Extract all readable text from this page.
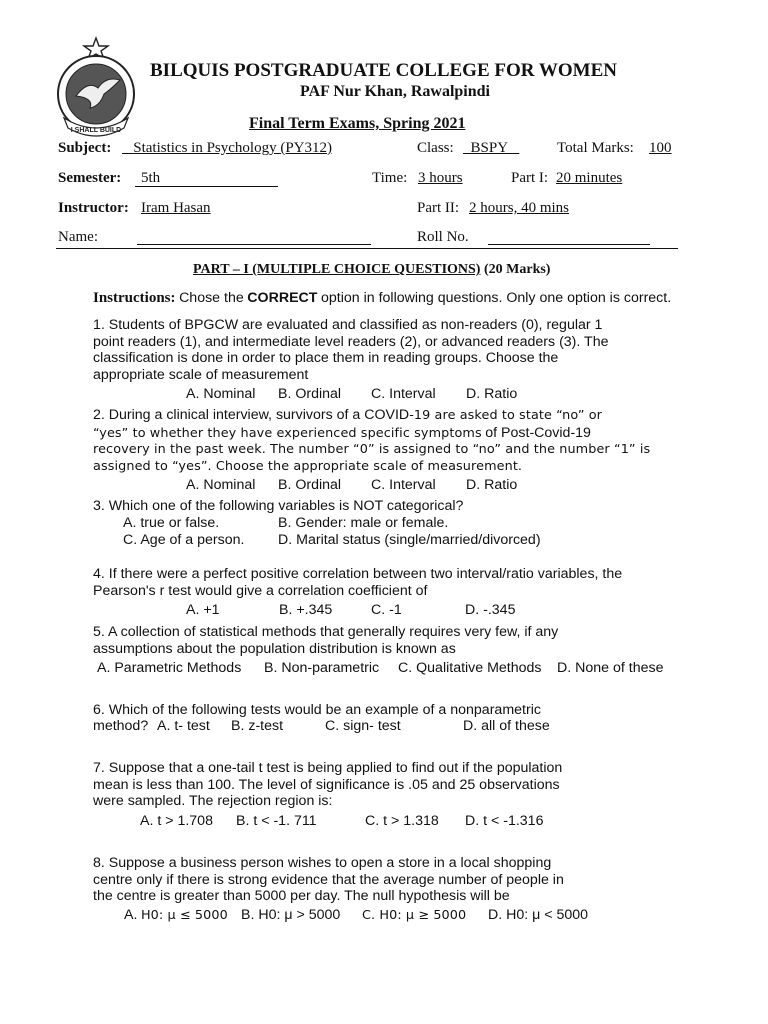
I SHALL BUILD
BILQUIS POSTGRADUATE COLLEGE FOR WOMEN
PAF Nur Khan, Rawalpindi
Final Term Exams, Spring 2021
Subject:	Statistics in Psychology (PY312)	Class:	BSPY	Total Marks: 100
Semester: 5th	Time: 3 hours	Part I: 20 minutes
Instructor: Iram Hasan	Part II: 2 hours, 40 mins
Name:	Roll No.
PART – I (MULTIPLE CHOICE QUESTIONS) (20 Marks)
Instructions: Chose the CORRECT option in following questions. Only one option is correct.
1. Students of BPGCW are evaluated and classified as non-readers (0), regular 1
point readers (1), and intermediate level readers (2), or advanced readers (3). The
classification is done in order to place them in reading groups. Choose the
appropriate scale of measurement
A. Nominal B. Ordinal C. Interval D. Ratio
2. During a clinical interview, survivors of a COVID-19 are asked to state “no” or
“yes” to whether they have experienced specific symptoms of Post-Covid-19
recovery in the past week. The number “0” is assigned to “no” and the number “1” is
assigned to “yes”. Choose the appropriate scale of measurement.
A. Nominal B. Ordinal C. Interval D. Ratio
3. Which one of the following variables is NOT categorical?
A. true or false.	B. Gender: male or female.
C. Age of a person. D. Marital status (single/married/divorced)
4. If there were a perfect positive correlation between two interval/ratio variables, the
Pearson's r test would give a correlation coefficient of
A. +1	B. +.345	C. -1	D. -.345
5. A collection of statistical methods that generally requires very few, if any
assumptions about the population distribution is known as
A. Parametric Methods B. Non-parametric C. Qualitative Methods D. None of these
6. Which of the following tests would be an example of a nonparametric
method? A. t- test B. z-test	C. sign- test	D. all of these
7. Suppose that a one-tail t test is being applied to find out if the population
mean is less than 100. The level of significance is .05 and 25 observations
were sampled. The rejection region is:
A. t > 1.708 B. t < -1. 711	C. t > 1.318 D. t < -1.316
8. Suppose a business person wishes to open a store in a local shopping
centre only if there is strong evidence that the average number of people in
the centre is greater than 5000 per day. The null hypothesis will be
A. H0: μ ≤ 5000 B. H0: μ > 5000 C. H0: μ ≥ 5000 D. H0: μ < 5000
